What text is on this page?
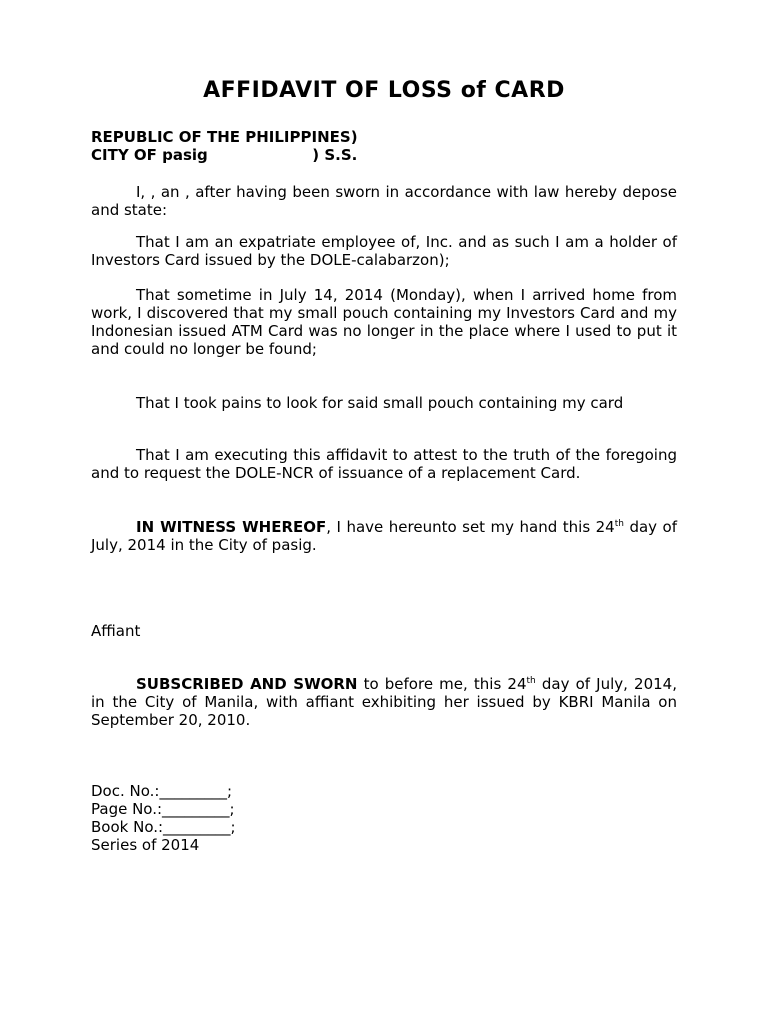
AFFIDAVIT OF LOSS of CARD
REPUBLIC OF THE PHILIPPINES)
CITY OF pasig                    ) S.S.

I, , an , after having been sworn in accordance with law hereby depose and state:

That I am an expatriate employee of, Inc. and as such I am a holder of Investors Card issued by the DOLE-calabarzon);

That sometime in July 14, 2014 (Monday), when I arrived home from work, I discovered that my small pouch containing my Investors Card and my Indonesian issued ATM Card was no longer in the place where I used to put it and could no longer be found;

That I took pains to look for said small pouch containing my card

That I am executing this affidavit to attest to the truth of the foregoing and to request the DOLE-NCR of issuance of a replacement Card.

IN WITNESS WHEREOF, I have hereunto set my hand this 24th day of July, 2014 in the City of pasig.

Affiant

SUBSCRIBED AND SWORN to before me, this 24th day of July, 2014, in the City of Manila, with affiant exhibiting her issued by KBRI Manila on September 20, 2010.

Doc. No.:_________;
Page No.:_________;
Book No.:_________;
Series of 2014
